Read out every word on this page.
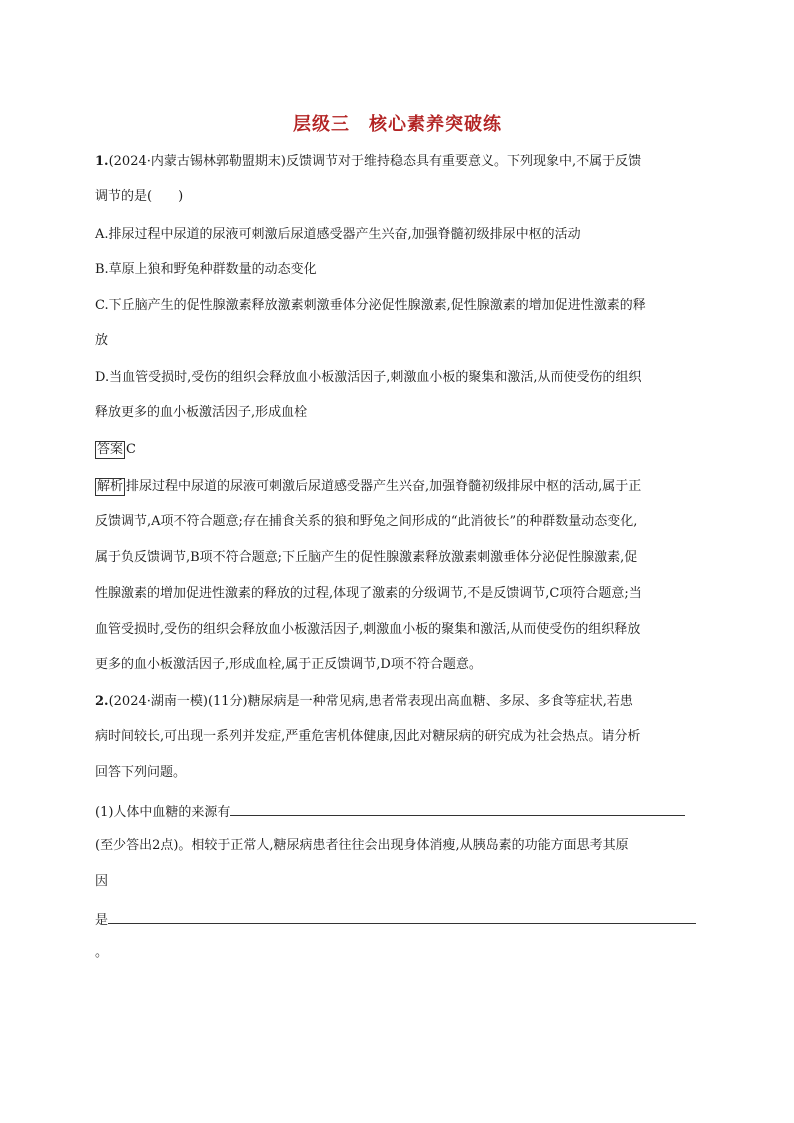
层级三　核心素养突破练
1.(2024·内蒙古锡林郭勒盟期末)反馈调节对于维持稳态具有重要意义。下列现象中,不属于反馈
调节的是(　　)
A.排尿过程中尿道的尿液可刺激后尿道感受器产生兴奋,加强脊髓初级排尿中枢的活动
B.草原上狼和野兔种群数量的动态变化
C.下丘脑产生的促性腺激素释放激素刺激垂体分泌促性腺激素,促性腺激素的增加促进性激素的释
放
D.当血管受损时,受伤的组织会释放血小板激活因子,刺激血小板的聚集和激活,从而使受伤的组织
释放更多的血小板激活因子,形成血栓
答案 C
解析 排尿过程中尿道的尿液可刺激后尿道感受器产生兴奋,加强脊髓初级排尿中枢的活动,属于正
反馈调节,A项不符合题意;存在捕食关系的狼和野兔之间形成的“此消彼长”的种群数量动态变化,
属于负反馈调节,B项不符合题意;下丘脑产生的促性腺激素释放激素刺激垂体分泌促性腺激素,促
性腺激素的增加促进性激素的释放的过程,体现了激素的分级调节,不是反馈调节,C项符合题意;当
血管受损时,受伤的组织会释放血小板激活因子,刺激血小板的聚集和激活,从而使受伤的组织释放
更多的血小板激活因子,形成血栓,属于正反馈调节,D项不符合题意。
2.(2024·湖南一模)(11分)糖尿病是一种常见病,患者常表现出高血糖、多尿、多食等症状,若患
病时间较长,可出现一系列并发症,严重危害机体健康,因此对糖尿病的研究成为社会热点。请分析
回答下列问题。
(1)人体中血糖的来源有
(至少答出2点)。相较于正常人,糖尿病患者往往会出现身体消瘦,从胰岛素的功能方面思考其原
因
是
。
